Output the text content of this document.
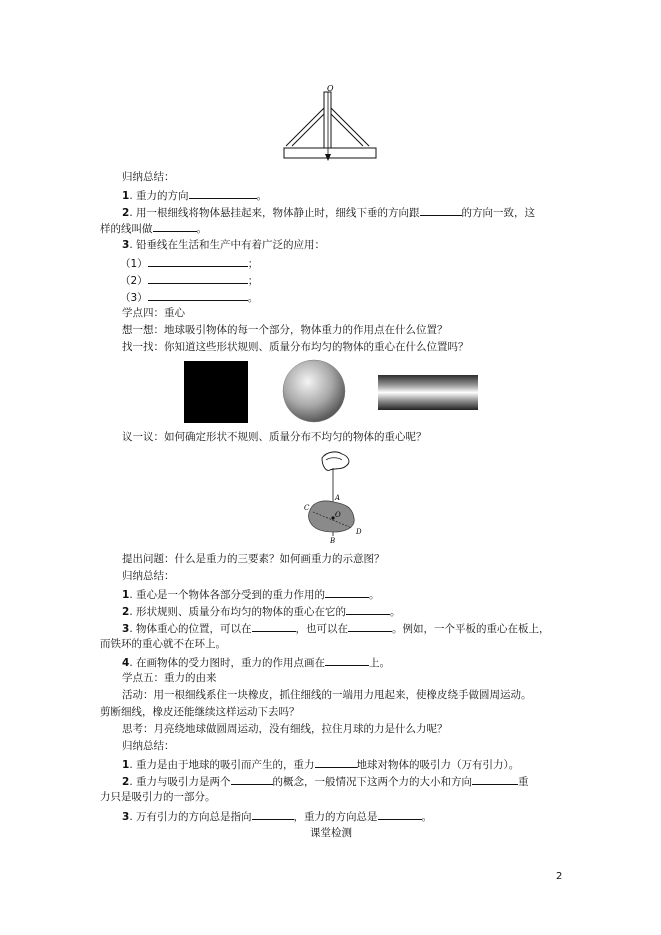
O
归纳总结：
1. 重力的方向	。
2. 用一根细线将物体悬挂起来，物体静止时，细线下垂的方向跟	的方向一致，这
样的线叫做	。
3. 铅垂线在生活和生产中有着广泛的应用：
（1）	；
（2）	；
（3）	。
学点四：重心
想一想：地球吸引物体的每一个部分，物体重力的作用点在什么位置？
找一找：你知道这些形状规则、质量分布均匀的物体的重心在什么位置吗？
议一议：如何确定形状不规则、质量分布不均匀的物体的重心呢？
A
C
O
D
B
提出问题：什么是重力的三要素？如何画重力的示意图？
归纳总结：
1. 重心是一个物体各部分受到的重力作用的	。
2. 形状规则、质量分布均匀的物体的重心在它的	。
3. 物体重心的位置，可以在	，也可以在	。例如，一个平板的重心在板上，
而铁环的重心就不在环上。
4. 在画物体的受力图时，重力的作用点画在	上。
学点五：重力的由来
活动：用一根细线系住一块橡皮，抓住细线的一端用力甩起来，使橡皮绕手做圆周运动。
剪断细线，橡皮还能继续这样运动下去吗？
思考：月亮绕地球做圆周运动，没有细线，拉住月球的力是什么力呢？
归纳总结：
1. 重力是由于地球的吸引而产生的，重力	地球对物体的吸引力（万有引力）。
2. 重力与吸引力是两个	的概念，一般情况下这两个力的大小和方向	重
力只是吸引力的一部分。
3. 万有引力的方向总是指向	，重力的方向总是	。
课堂检测
2
